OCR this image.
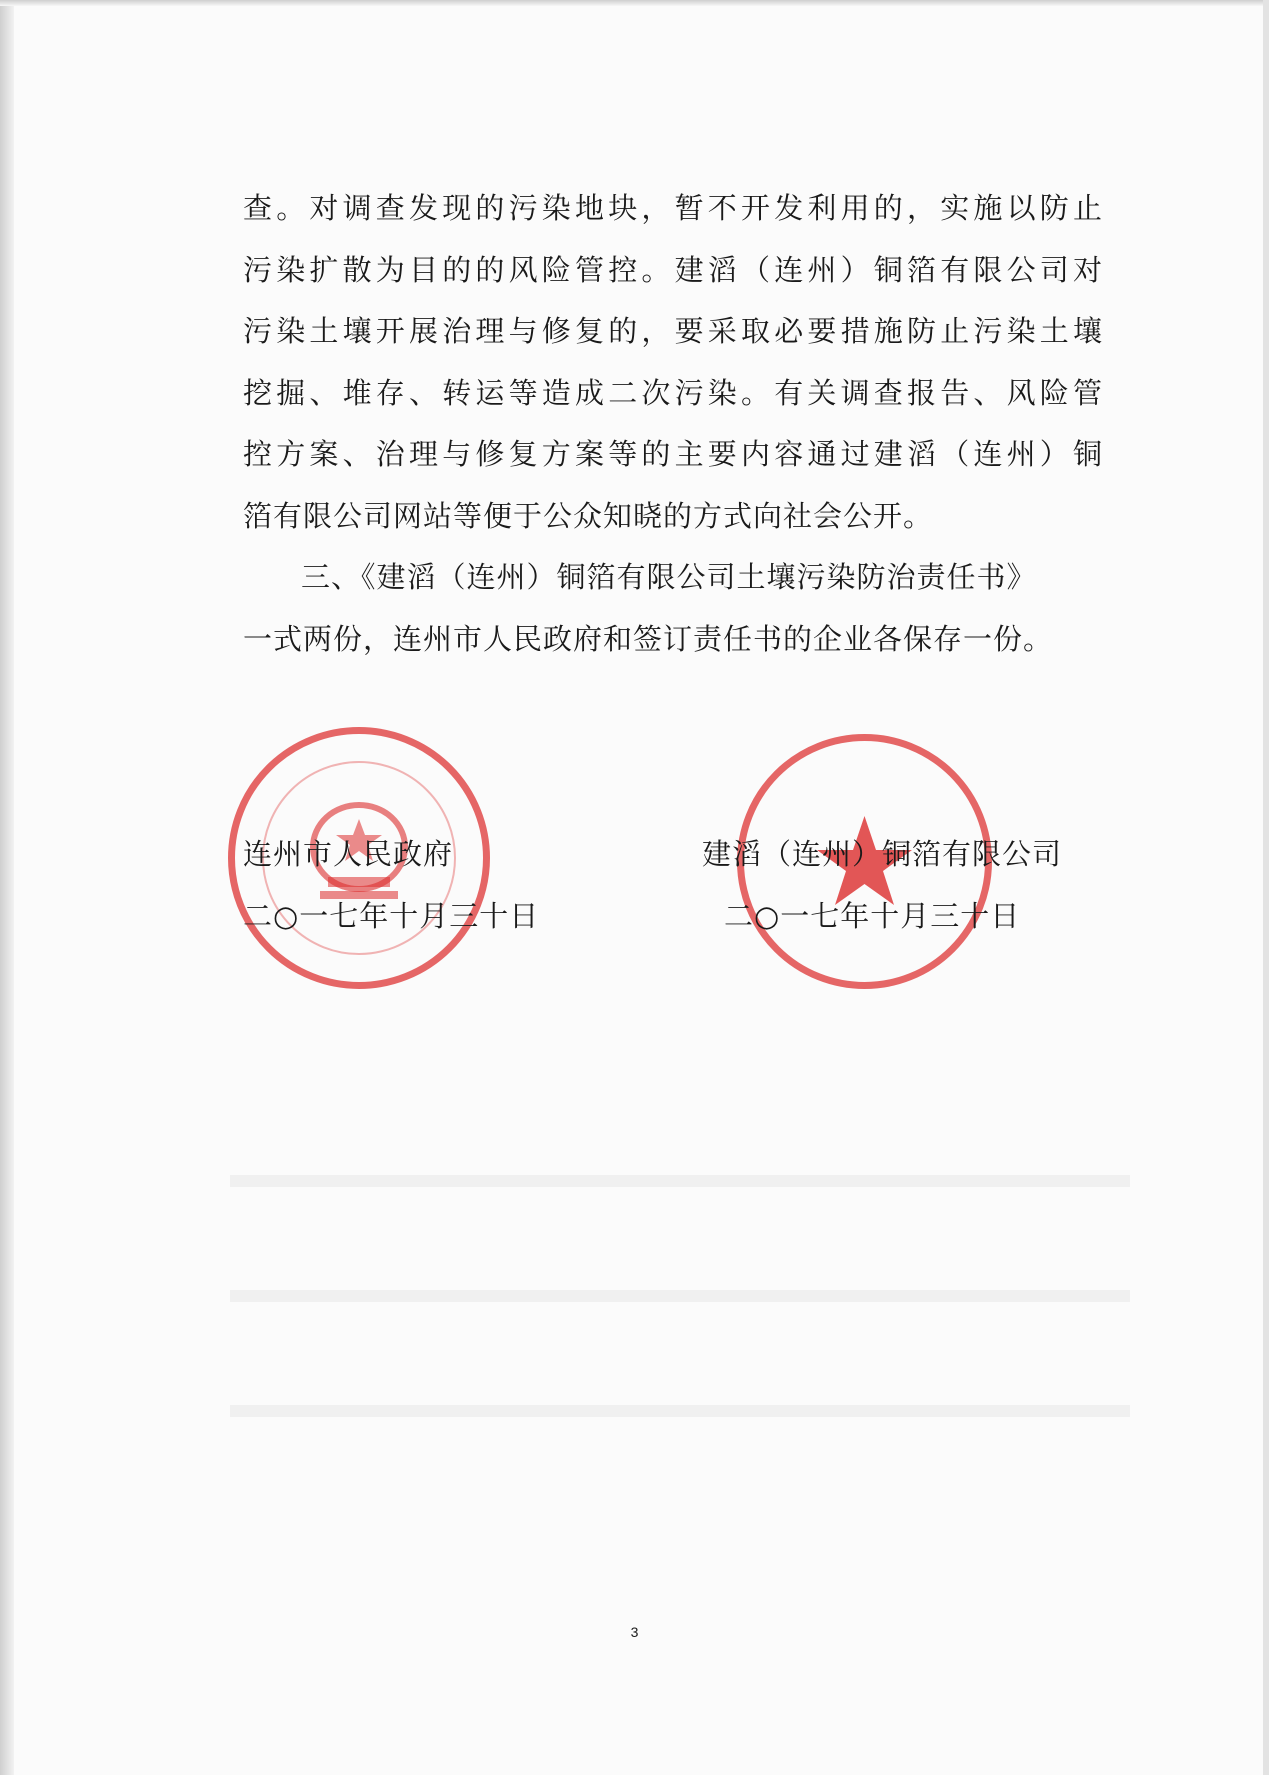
查。对调查发现的污染地块，暂不开发利用的，实施以防止
污染扩散为目的的风险管控。建滔（连州）铜箔有限公司对
污染土壤开展治理与修复的，要采取必要措施防止污染土壤
挖掘、堆存、转运等造成二次污染。有关调查报告、风险管
控方案、治理与修复方案等的主要内容通过建滔（连州）铜
箔有限公司网站等便于公众知晓的方式向社会公开。
三、《建滔（连州）铜箔有限公司土壤污染防治责任书》
一式两份，连州市人民政府和签订责任书的企业各保存一份。
连州市人民政府
二○一七年十月三十日
建滔（连州）铜箔有限公司
二○一七年十月三十日
3
